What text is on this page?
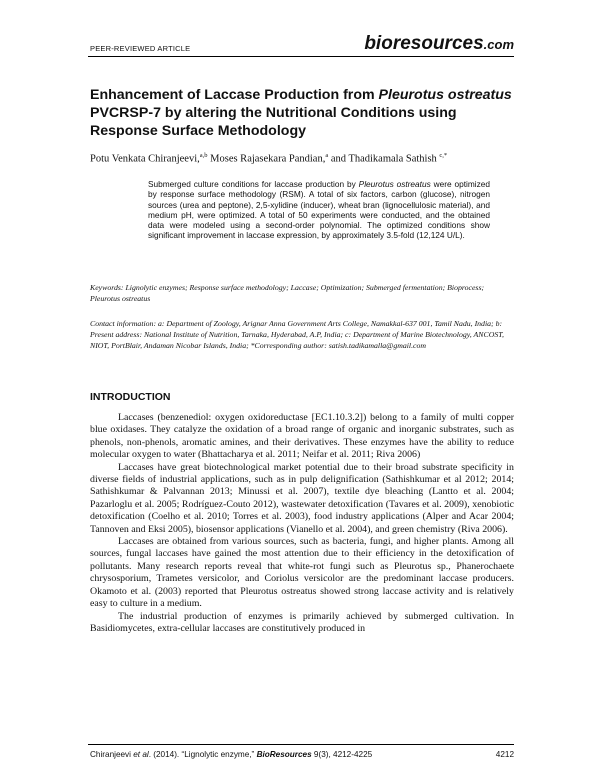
PEER-REVIEWED ARTICLE	bioresources.com
Enhancement of Laccase Production from Pleurotus ostreatus PVCRSP-7 by altering the Nutritional Conditions using Response Surface Methodology
Potu Venkata Chiranjeevi,$^{a,b}$ Moses Rajasekara Pandian,$^a$ and Thadikamala Sathish $^{c,*}$
Submerged culture conditions for laccase production by Pleurotus ostreatus were optimized by response surface methodology (RSM). A total of six factors, carbon (glucose), nitrogen sources (urea and peptone), 2,5-xylidine (inducer), wheat bran (lignocellulosic material), and medium pH, were optimized. A total of 50 experiments were conducted, and the obtained data were modeled using a second-order polynomial. The optimized conditions show significant improvement in laccase expression, by approximately 3.5-fold (12,124 U/L).
Keywords: Lignolytic enzymes; Response surface methodology; Laccase; Optimization; Submerged fermentation; Bioprocess; Pleurotus ostreatus
Contact information: a: Department of Zoology, Arignar Anna Government Arts College, Namakkal-637 001, Tamil Nadu, India; b: Present address: National Institute of Nutrition, Tarnaka, Hyderabad, A.P, India; c: Department of Marine Biotechnology, ANCOST, NIOT, PortBlair, Andaman Nicobar Islands, India; *Corresponding author: satish.tadikamalla@gmail.com
INTRODUCTION

Laccases (benzenediol: oxygen oxidoreductase [EC1.10.3.2]) belong to a family of multi copper blue oxidases. They catalyze the oxidation of a broad range of organic and inorganic substrates, such as phenols, non-phenols, aromatic amines, and their derivatives. These enzymes have the ability to reduce molecular oxygen to water (Bhattacharya et al. 2011; Neifar et al. 2011; Riva 2006)

Laccases have great biotechnological market potential due to their broad substrate specificity in diverse fields of industrial applications, such as in pulp delignification (Sathishkumar et al 2012; 2014; Sathishkumar & Palvannan 2013; Minussi et al. 2007), textile dye bleaching (Lantto et al. 2004; Pazarloglu et al. 2005; Rodríguez-Couto 2012), wastewater detoxification (Tavares et al. 2009), xenobiotic detoxification (Coelho et al. 2010; Torres et al. 2003), food industry applications (Alper and Acar 2004; Tannoven and Eksi 2005), biosensor applications (Vianello et al. 2004), and green chemistry (Riva 2006).

Laccases are obtained from various sources, such as bacteria, fungi, and higher plants. Among all sources, fungal laccases have gained the most attention due to their efficiency in the detoxification of pollutants. Many research reports reveal that white-rot fungi such as Pleurotus sp., Phanerochaete chrysosporium, Trametes versicolor, and Coriolus versicolor are the predominant laccase producers. Okamoto et al. (2003) reported that Pleurotus ostreatus showed strong laccase activity and is relatively easy to culture in a medium.

The industrial production of enzymes is primarily achieved by submerged cultivation. In Basidiomycetes, extra-cellular laccases are constitutively produced in

Chiranjeevi et al. (2014). “Lignolytic enzyme,” BioResources 9(3), 4212-4225	4212
